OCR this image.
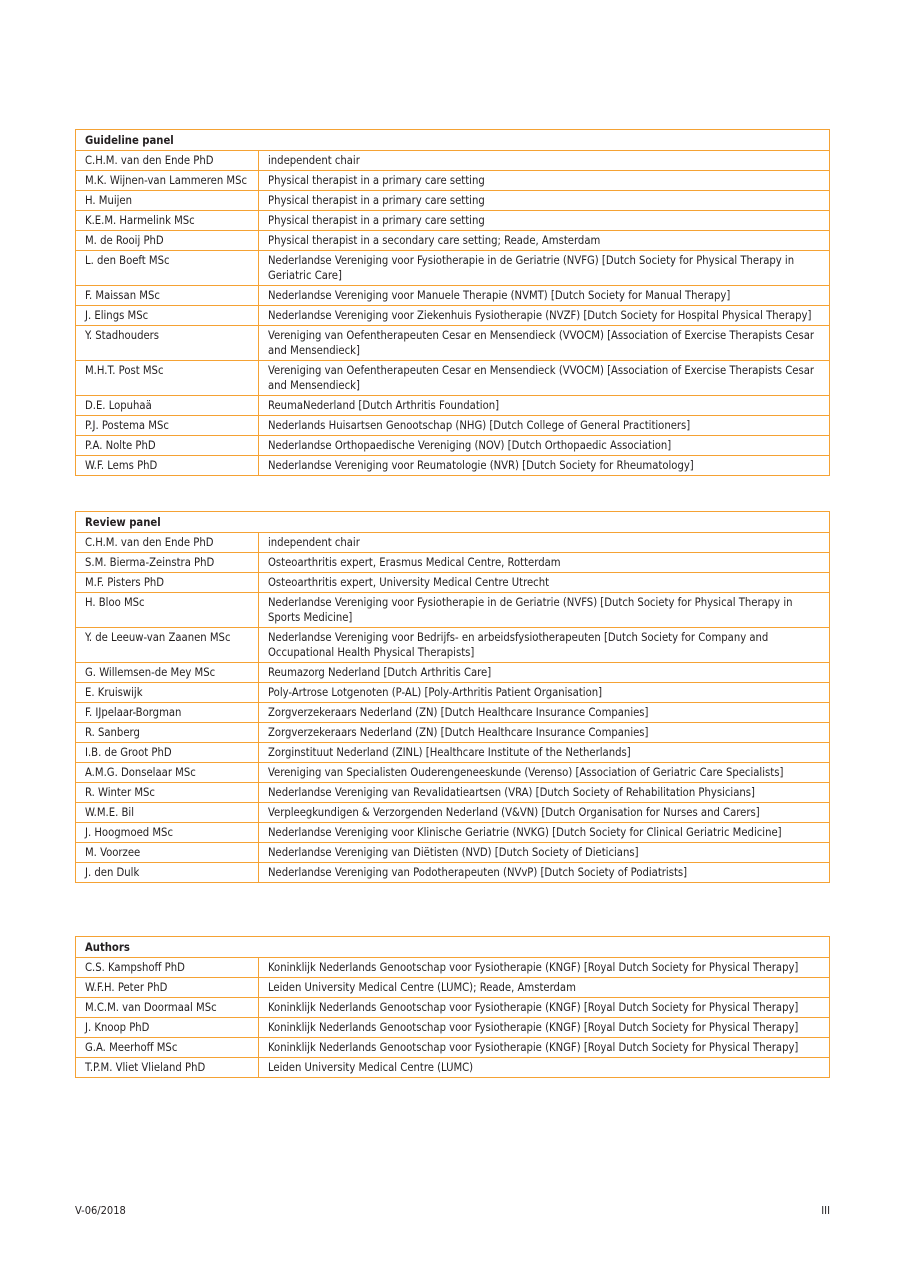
Guideline panel	
C.H.M. van den Ende PhD	independent chair
M.K. Wijnen-van Lammeren MSc	Physical therapist in a primary care setting
H. Muijen	Physical therapist in a primary care setting
K.E.M. Harmelink MSc	Physical therapist in a primary care setting
M. de Rooij PhD	Physical therapist in a secondary care setting; Reade, Amsterdam
L. den Boeft MSc	Nederlandse Vereniging voor Fysiotherapie in de Geriatrie (NVFG) [Dutch Society for Physical Therapy in Geriatric Care]
F. Maissan MSc	Nederlandse Vereniging voor Manuele Therapie (NVMT) [Dutch Society for Manual Therapy]
J. Elings MSc	Nederlandse Vereniging voor Ziekenhuis Fysiotherapie (NVZF) [Dutch Society for Hospital Physical Therapy]
Y. Stadhouders	Vereniging van Oefentherapeuten Cesar en Mensendieck (VVOCM) [Association of Exercise Therapists Cesar and Mensendieck]
M.H.T. Post MSc	Vereniging van Oefentherapeuten Cesar en Mensendieck (VVOCM) [Association of Exercise Therapists Cesar and Mensendieck]
D.E. Lopuhaä	ReumaNederland [Dutch Arthritis Foundation]
P.J. Postema MSc	Nederlands Huisartsen Genootschap (NHG) [Dutch College of General Practitioners]
P.A. Nolte PhD	Nederlandse Orthopaedische Vereniging (NOV) [Dutch Orthopaedic Association]
W.F. Lems PhD	Nederlandse Vereniging voor Reumatologie (NVR) [Dutch Society for Rheumatology]
Review panel	
C.H.M. van den Ende PhD	independent chair
S.M. Bierma-Zeinstra PhD	Osteoarthritis expert, Erasmus Medical Centre, Rotterdam
M.F. Pisters PhD	Osteoarthritis expert, University Medical Centre Utrecht
H. Bloo MSc	Nederlandse Vereniging voor Fysiotherapie in de Geriatrie (NVFS) [Dutch Society for Physical Therapy in Sports Medicine]
Y. de Leeuw-van Zaanen MSc	Nederlandse Vereniging voor Bedrijfs- en arbeidsfysiotherapeuten [Dutch Society for Company and Occupational Health Physical Therapists]
G. Willemsen-de Mey MSc	Reumazorg Nederland [Dutch Arthritis Care]
E. Kruiswijk	Poly-Artrose Lotgenoten (P-AL) [Poly-Arthritis Patient Organisation]
F. IJpelaar-Borgman	Zorgverzekeraars Nederland (ZN) [Dutch Healthcare Insurance Companies]
R. Sanberg	Zorgverzekeraars Nederland (ZN) [Dutch Healthcare Insurance Companies]
I.B. de Groot PhD	Zorginstituut Nederland (ZINL) [Healthcare Institute of the Netherlands]
A.M.G. Donselaar MSc	Vereniging van Specialisten Ouderengeneeskunde (Verenso) [Association of Geriatric Care Specialists]
R. Winter MSc	Nederlandse Vereniging van Revalidatieartsen (VRA) [Dutch Society of Rehabilitation Physicians]
W.M.E. Bil	Verpleegkundigen & Verzorgenden Nederland (V&VN) [Dutch Organisation for Nurses and Carers]
J. Hoogmoed MSc	Nederlandse Vereniging voor Klinische Geriatrie (NVKG) [Dutch Society for Clinical Geriatric Medicine]
M. Voorzee	Nederlandse Vereniging van Diëtisten (NVD) [Dutch Society of Dieticians]
J. den Dulk	Nederlandse Vereniging van Podotherapeuten (NVvP) [Dutch Society of Podiatrists]
Authors	
C.S. Kampshoff PhD	Koninklijk Nederlands Genootschap voor Fysiotherapie (KNGF) [Royal Dutch Society for Physical Therapy]
W.F.H. Peter PhD	Leiden University Medical Centre (LUMC); Reade, Amsterdam
M.C.M. van Doormaal MSc	Koninklijk Nederlands Genootschap voor Fysiotherapie (KNGF) [Royal Dutch Society for Physical Therapy]
J. Knoop PhD	Koninklijk Nederlands Genootschap voor Fysiotherapie (KNGF) [Royal Dutch Society for Physical Therapy]
G.A. Meerhoff MSc	Koninklijk Nederlands Genootschap voor Fysiotherapie (KNGF) [Royal Dutch Society for Physical Therapy]
T.P.M. Vliet Vlieland PhD	Leiden University Medical Centre (LUMC)
V-06/2018	III
